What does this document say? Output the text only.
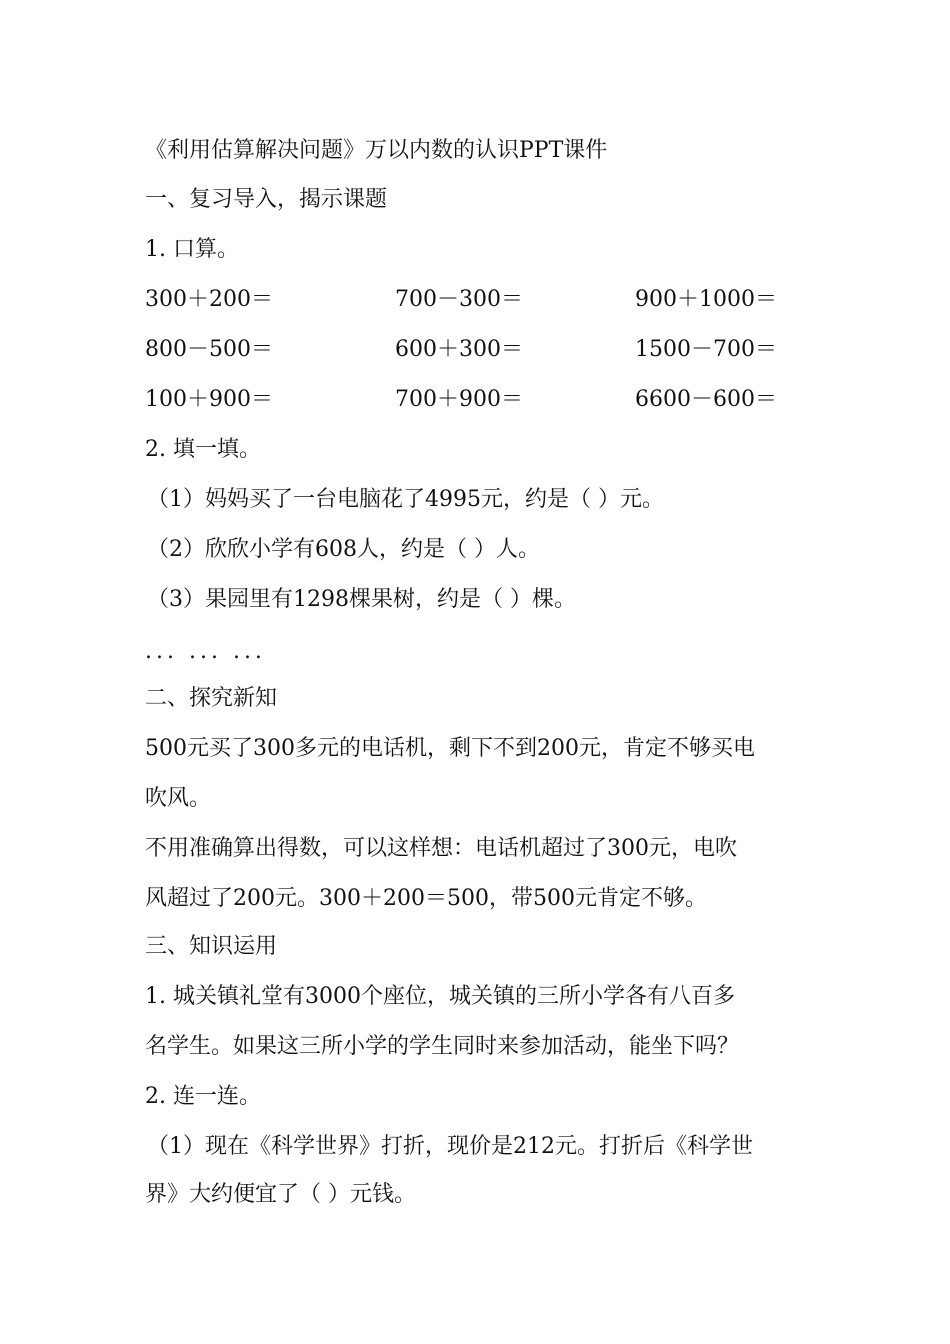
《利用估算解决问题》万以内数的认识PPT课件
一、复习导入，揭示课题
1. 口算。
300＋200＝	700－300＝	900＋1000＝
800－500＝	600＋300＝	1500－700＝
100＋900＝	700＋900＝	6600－600＝
2. 填一填。
（1）妈妈买了一台电脑花了4995元，约是（ ）元。
（2）欣欣小学有608人，约是（ ）人。
（3）果园里有1298棵果树，约是（ ）棵。
... ... ...
二、探究新知
500元买了300多元的电话机，剩下不到200元，肯定不够买电
吹风。
不用准确算出得数，可以这样想：电话机超过了300元，电吹
风超过了200元。300＋200＝500，带500元肯定不够。
三、知识运用
1. 城关镇礼堂有3000个座位，城关镇的三所小学各有八百多
名学生。如果这三所小学的学生同时来参加活动，能坐下吗？
2. 连一连。
（1）现在《科学世界》打折，现价是212元。打折后《科学世
界》大约便宜了（ ）元钱。
